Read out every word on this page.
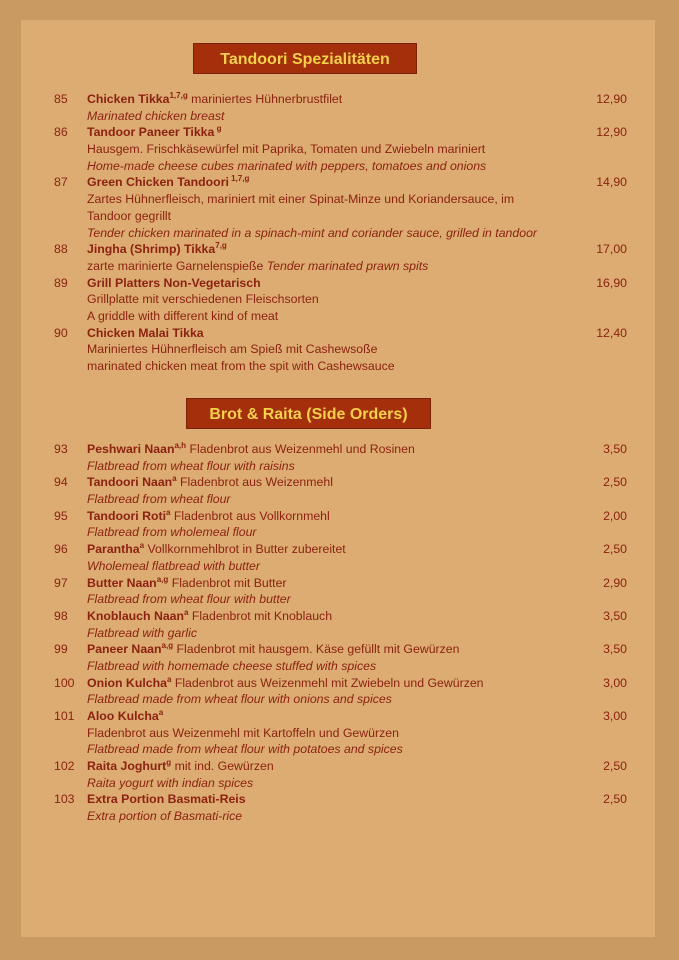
Tandoori Spezialitäten
85	Chicken Tikka$^{1,7,g}$ mariniertes Hühnerbrustfilet	12,90
Marinated chicken breast
86	Tandoor Paneer Tikka $^g$	12,90
Hausgem. Frischkäsewürfel mit Paprika, Tomaten und Zwiebeln mariniert
Home-made cheese cubes marinated with peppers, tomatoes and onions
87	Green Chicken Tandoori $^{1,7,g}$	14,90
Zartes Hühnerfleisch, mariniert mit einer Spinat-Minze und Koriandersauce, im
Tandoor gegrillt
Tender chicken marinated in a spinach-mint and coriander sauce, grilled in tandoor
88	Jingha (Shrimp) Tikka$^{7,g}$	17,00
zarte marinierte Garnelenspieße Tender marinated prawn spits
89	Grill Platters Non-Vegetarisch	16,90
Grillplatte mit verschiedenen Fleischsorten
A griddle with different kind of meat
90	Chicken Malai Tikka	12,40
Mariniertes Hühnerfleisch am Spieß mit Cashewsoße
marinated chicken meat from the spit with Cashewsauce
Brot & Raita (Side Orders)
93	Peshwari Naan$^{a,h}$ Fladenbrot aus Weizenmehl und Rosinen	3,50
Flatbread from wheat flour with raisins
94	Tandoori Naan$^a$ Fladenbrot aus Weizenmehl	2,50
Flatbread from wheat flour
95	Tandoori Roti$^a$ Fladenbrot aus Vollkornmehl	2,00
Flatbread from wholemeal flour
96	Parantha$^a$ Vollkornmehlbrot in Butter zubereitet	2,50
Wholemeal flatbread with butter
97	Butter Naan$^{a,g}$ Fladenbrot mit Butter	2,90
Flatbread from wheat flour with butter
98	Knoblauch Naan$^a$ Fladenbrot mit Knoblauch	3,50
Flatbread with garlic
99	Paneer Naan$^{a,g}$ Fladenbrot mit hausgem. Käse gefüllt mit Gewürzen	3,50
Flatbread with homemade cheese stuffed with spices
100	Onion Kulcha$^a$ Fladenbrot aus Weizenmehl mit Zwiebeln und Gewürzen	3,00
Flatbread made from wheat flour with onions and spices
101	Aloo Kulcha$^a$	3,00
Fladenbrot aus Weizenmehl mit Kartoffeln und Gewürzen
Flatbread made from wheat flour with potatoes and spices
102	Raita Joghurt$^g$ mit ind. Gewürzen	2,50
Raita yogurt with indian spices
103	Extra Portion Basmati-Reis	2,50
Extra portion of Basmati-rice
